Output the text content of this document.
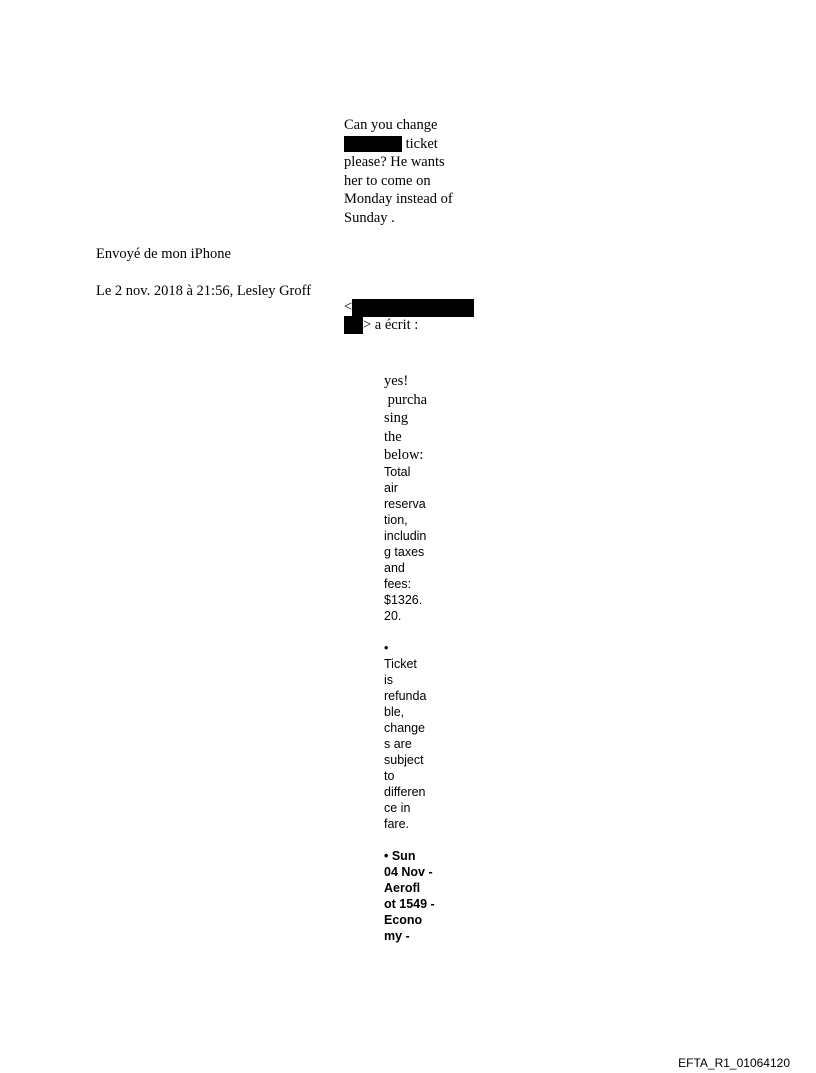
Can you change
ticket
please? He wants
her to come on
Monday instead of
Sunday .
Envoyé de mon iPhone
Le 2 nov. 2018 à 21:56, Lesley Groff
<
> a écrit :
yes!
purcha
sing
the
below:
Total
air
reserva
tion,
includin
g taxes
and
fees:
$1326.
20.
•
Ticket
is
refunda
ble,
change
s are
subject
to
differen
ce in
fare.
• Sun
04 Nov -
Aerofl
ot 1549 -
Econo
my -
EFTA_R1_01064120
